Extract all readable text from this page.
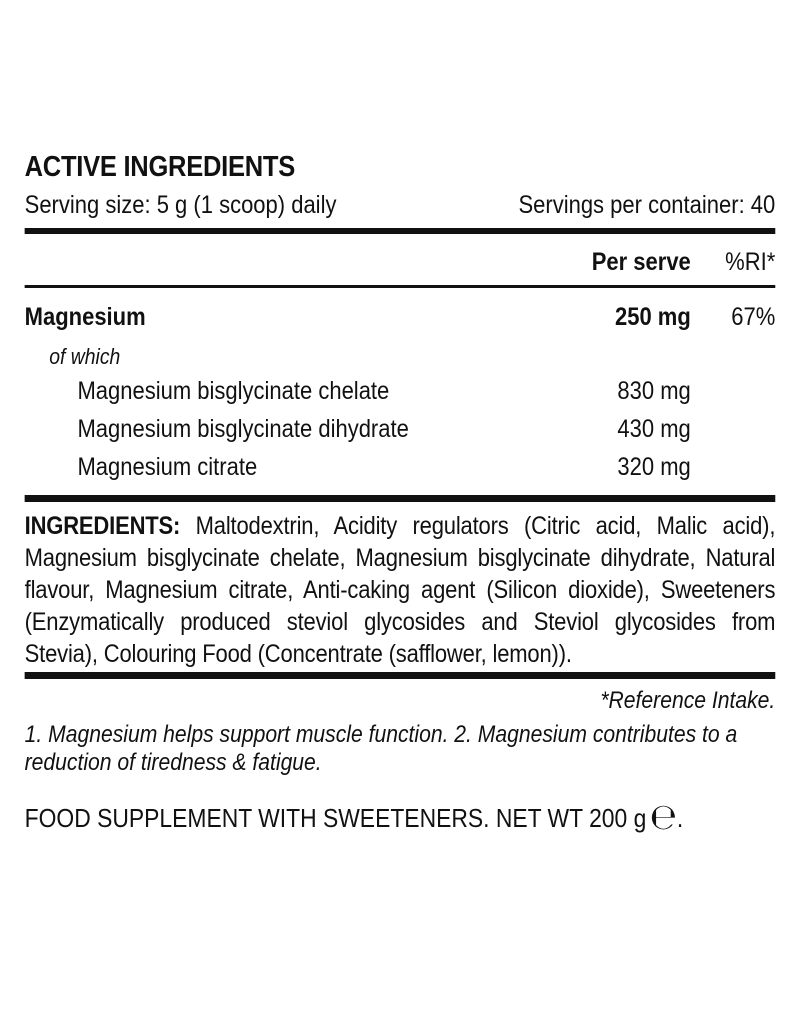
ACTIVE INGREDIENTS
Serving size: 5 g (1 scoop) daily	Servings per container: 40
Per serve	%RI*
Magnesium	250 mg	67%
of which
Magnesium bisglycinate chelate	830 mg
Magnesium bisglycinate dihydrate	430 mg
Magnesium citrate	320 mg

INGREDIENTS: Maltodextrin, Acidity regulators (Citric acid, Malic acid), Magnesium bisglycinate chelate, Magnesium bisglycinate dihydrate, Natural flavour, Magnesium citrate, Anti-caking agent (Silicon dioxide), Sweeteners (Enzymatically produced steviol glycosides and Steviol glycosides from Stevia), Colouring Food (Concentrate (safflower, lemon)).

*Reference Intake.

1. Magnesium helps support muscle function. 2. Magnesium contributes to a reduction of tiredness & fatigue.

FOOD SUPPLEMENT WITH SWEETENERS. NET WT 200 g℮.
